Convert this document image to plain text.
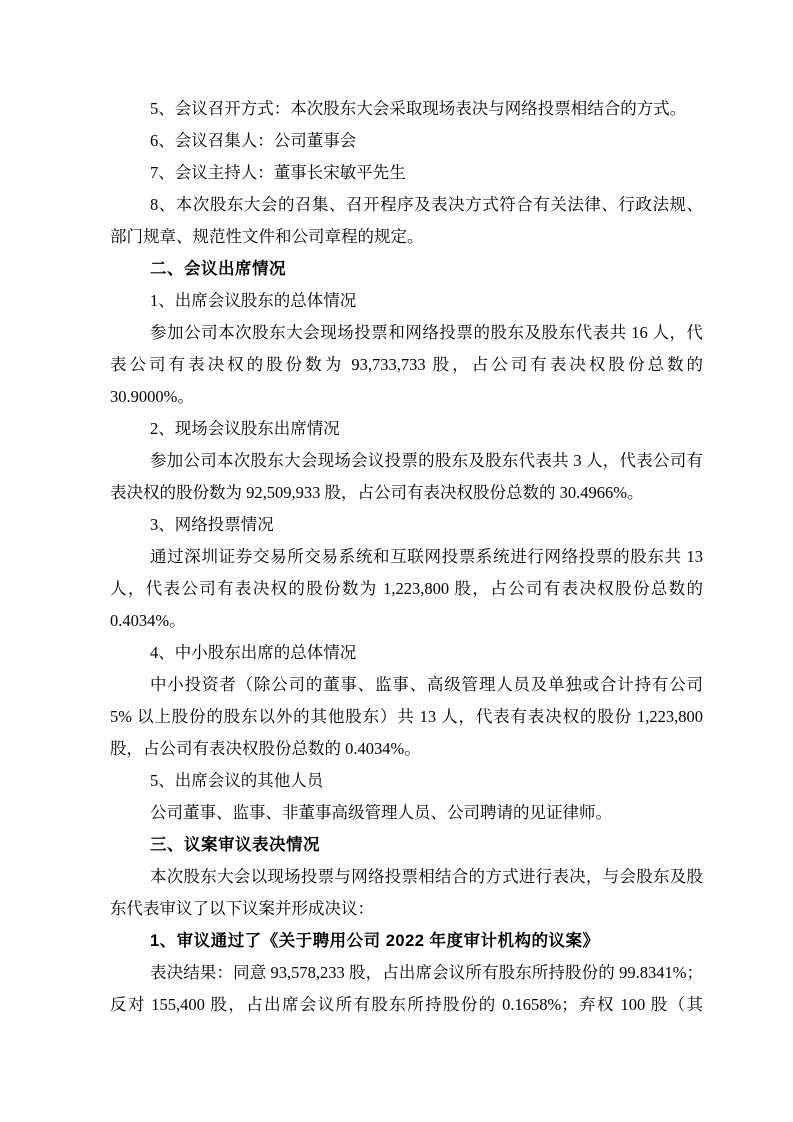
5、会议召开方式：本次股东大会采取现场表决与网络投票相结合的方式。
6、会议召集人：公司董事会
7、会议主持人：董事长宋敏平先生
8、本次股东大会的召集、召开程序及表决方式符合有关法律、行政法规、
部门规章、规范性文件和公司章程的规定。
二、会议出席情况
1、出席会议股东的总体情况
参加公司本次股东大会现场投票和网络投票的股东及股东代表共 16 人，代
表公司有表决权的股份数为 93,733,733 股，占公司有表决权股份总数的
30.9000%。
2、现场会议股东出席情况
参加公司本次股东大会现场会议投票的股东及股东代表共 3 人，代表公司有
表决权的股份数为 92,509,933 股，占公司有表决权股份总数的 30.4966%。
3、网络投票情况
通过深圳证券交易所交易系统和互联网投票系统进行网络投票的股东共 13
人，代表公司有表决权的股份数为 1,223,800 股，占公司有表决权股份总数的
0.4034%。
4、中小股东出席的总体情况
中小投资者（除公司的董事、监事、高级管理人员及单独或合计持有公司
5% 以上股份的股东以外的其他股东）共 13 人，代表有表决权的股份 1,223,800
股，占公司有表决权股份总数的 0.4034%。
5、出席会议的其他人员
公司董事、监事、非董事高级管理人员、公司聘请的见证律师。
三、议案审议表决情况
本次股东大会以现场投票与网络投票相结合的方式进行表决，与会股东及股
东代表审议了以下议案并形成决议：
1、审议通过了《关于聘用公司 2022 年度审计机构的议案》
表决结果：同意 93,578,233 股，占出席会议所有股东所持股份的 99.8341%；
反对 155,400 股，占出席会议所有股东所持股份的 0.1658%；弃权 100 股（其
